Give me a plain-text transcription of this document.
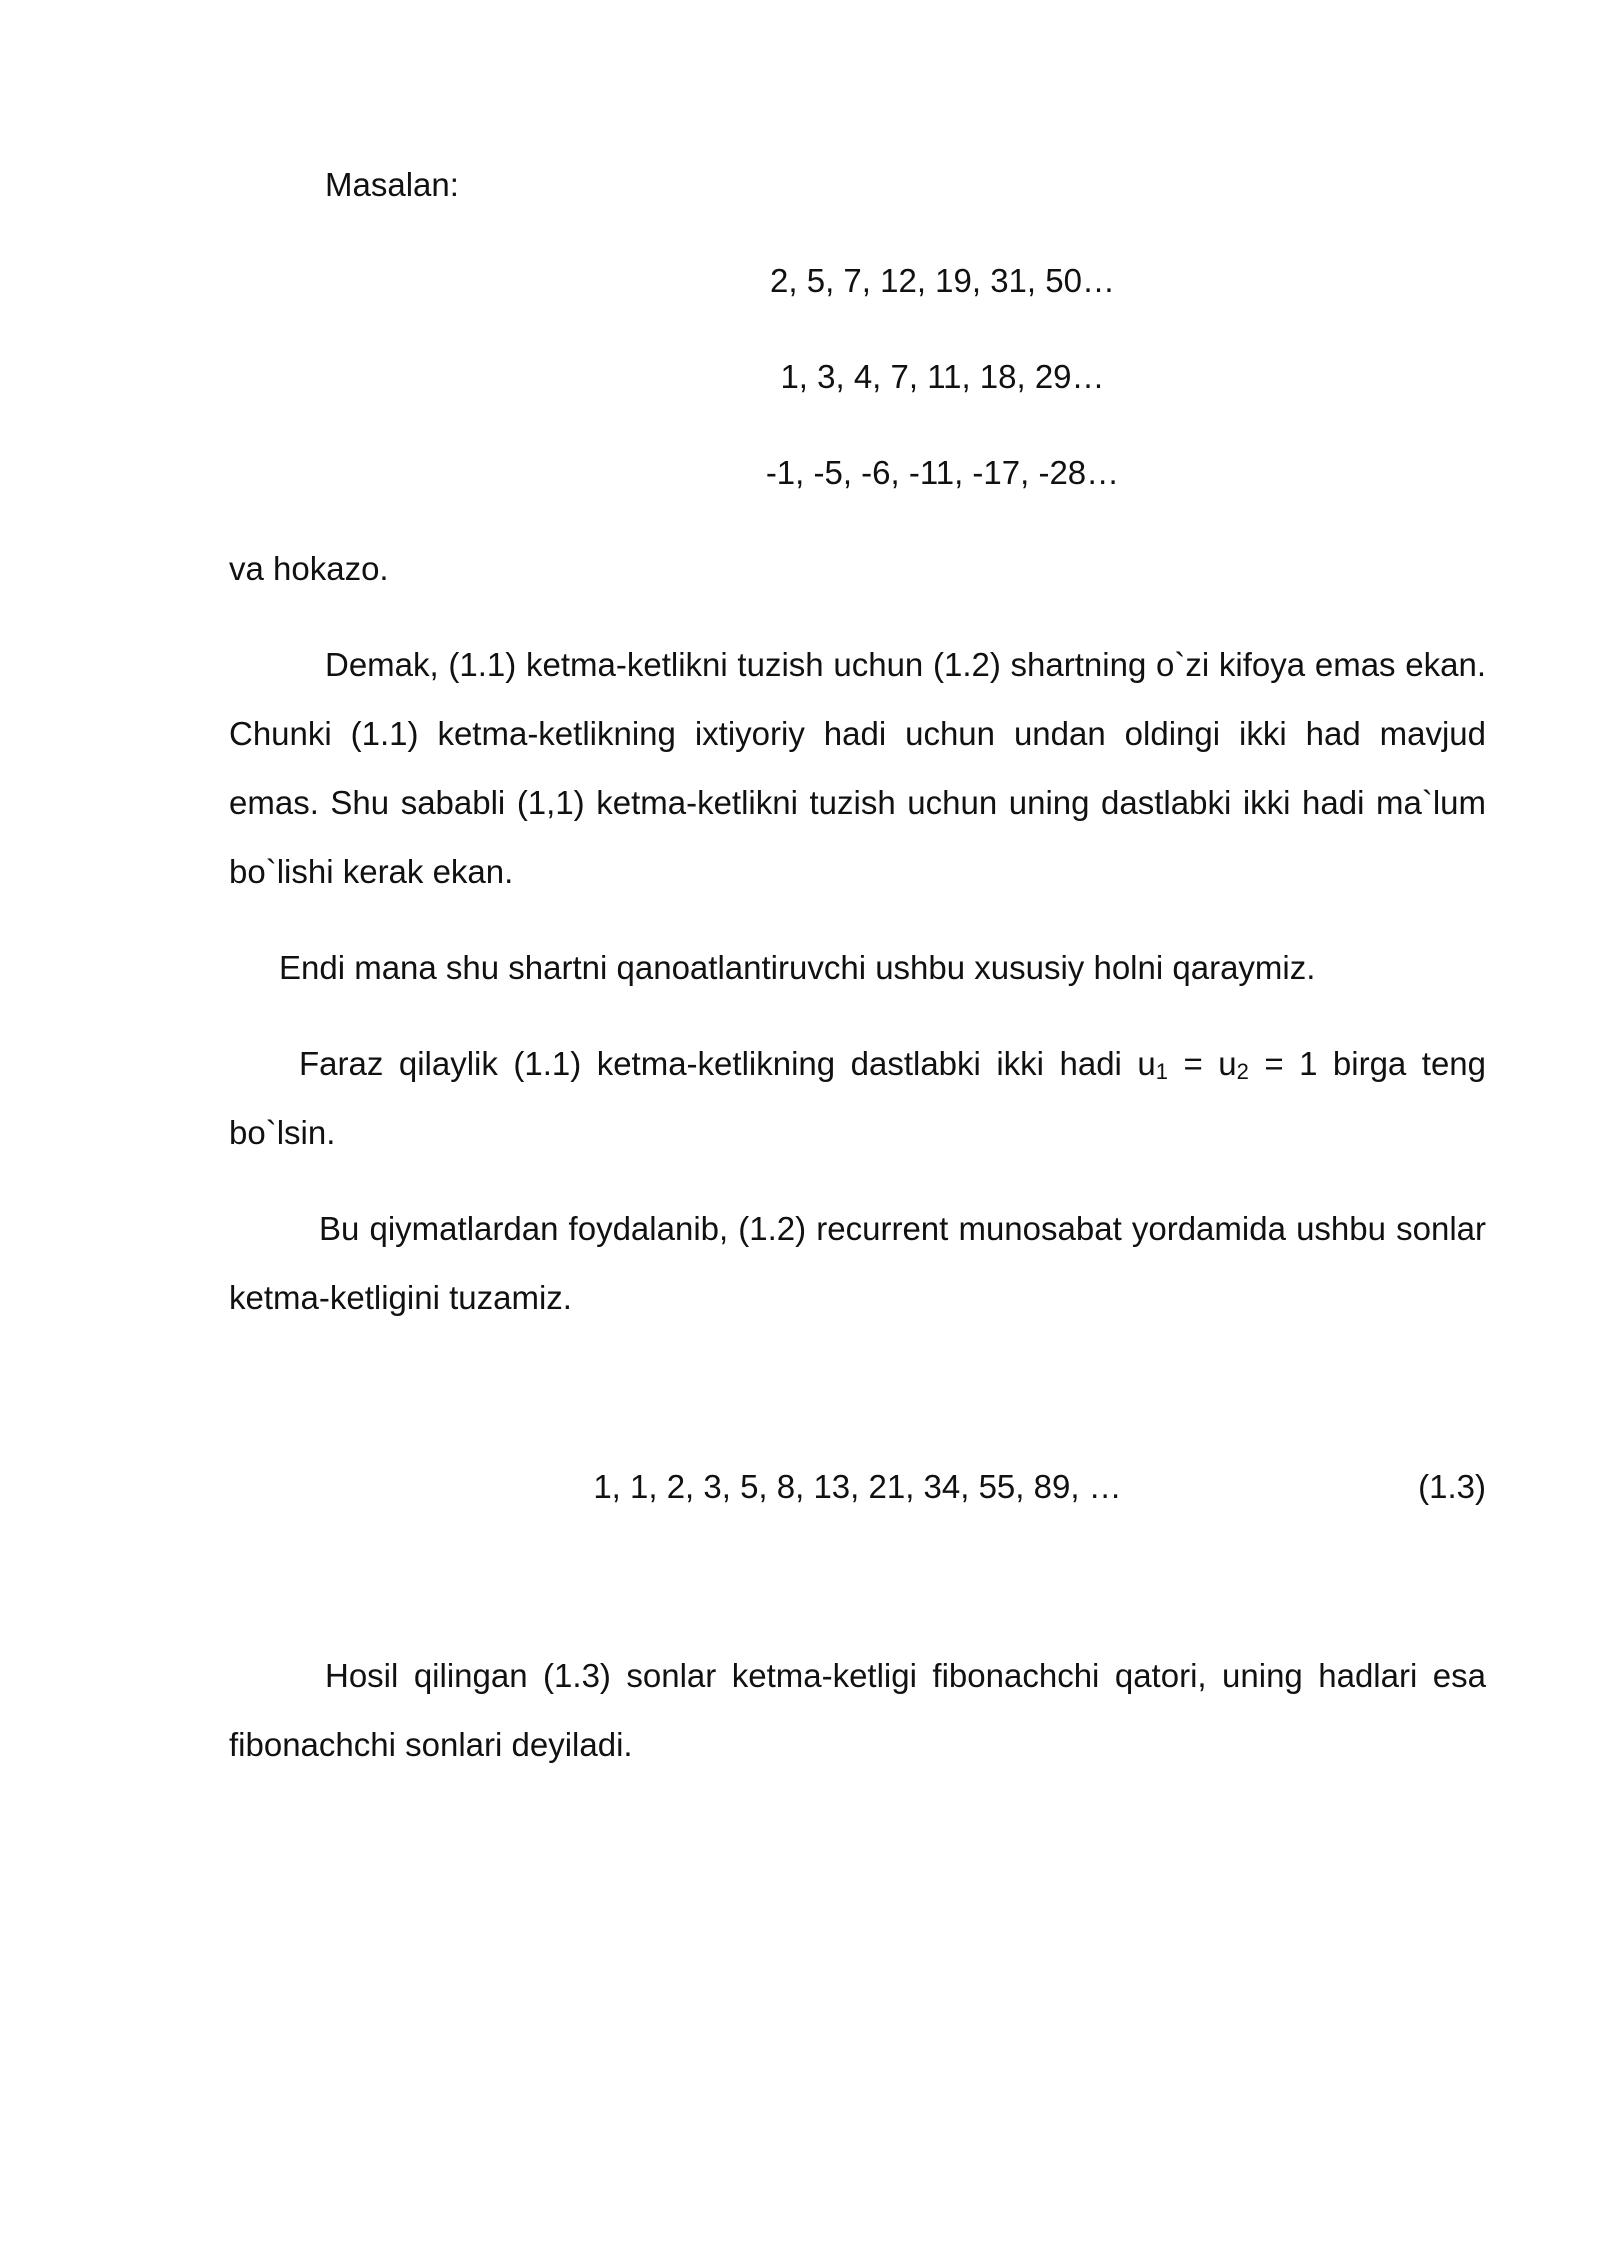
Masalan:

2, 5, 7, 12, 19, 31, 50…

1, 3, 4, 7, 11, 18, 29…

-1, -5, -6, -11, -17, -28…

va hokazo.

Demak, (1.1) ketma-ketlikni tuzish uchun (1.2) shartning o`zi kifoya emas ekan. Chunki (1.1) ketma-ketlikning ixtiyoriy hadi uchun undan oldingi ikki had mavjud emas. Shu sababli (1,1) ketma-ketlikni tuzish uchun uning dastlabki ikki hadi ma`lum bo`lishi kerak ekan.

Endi mana shu shartni qanoatlantiruvchi ushbu xususiy holni qaraymiz.

Faraz qilaylik (1.1) ketma-ketlikning dastlabki ikki hadi $u_1 = u_2 = 1$ birga teng bo`lsin.

Bu qiymatlardan foydalanib, (1.2) recurrent munosabat yordamida ushbu sonlar ketma-ketligini tuzamiz.

1, 1, 2, 3, 5, 8, 13, 21, 34, 55, 89, …	(1.3)

Hosil qilingan (1.3) sonlar ketma-ketligi fibonachchi qatori, uning hadlari esa fibonachchi sonlari deyiladi.
